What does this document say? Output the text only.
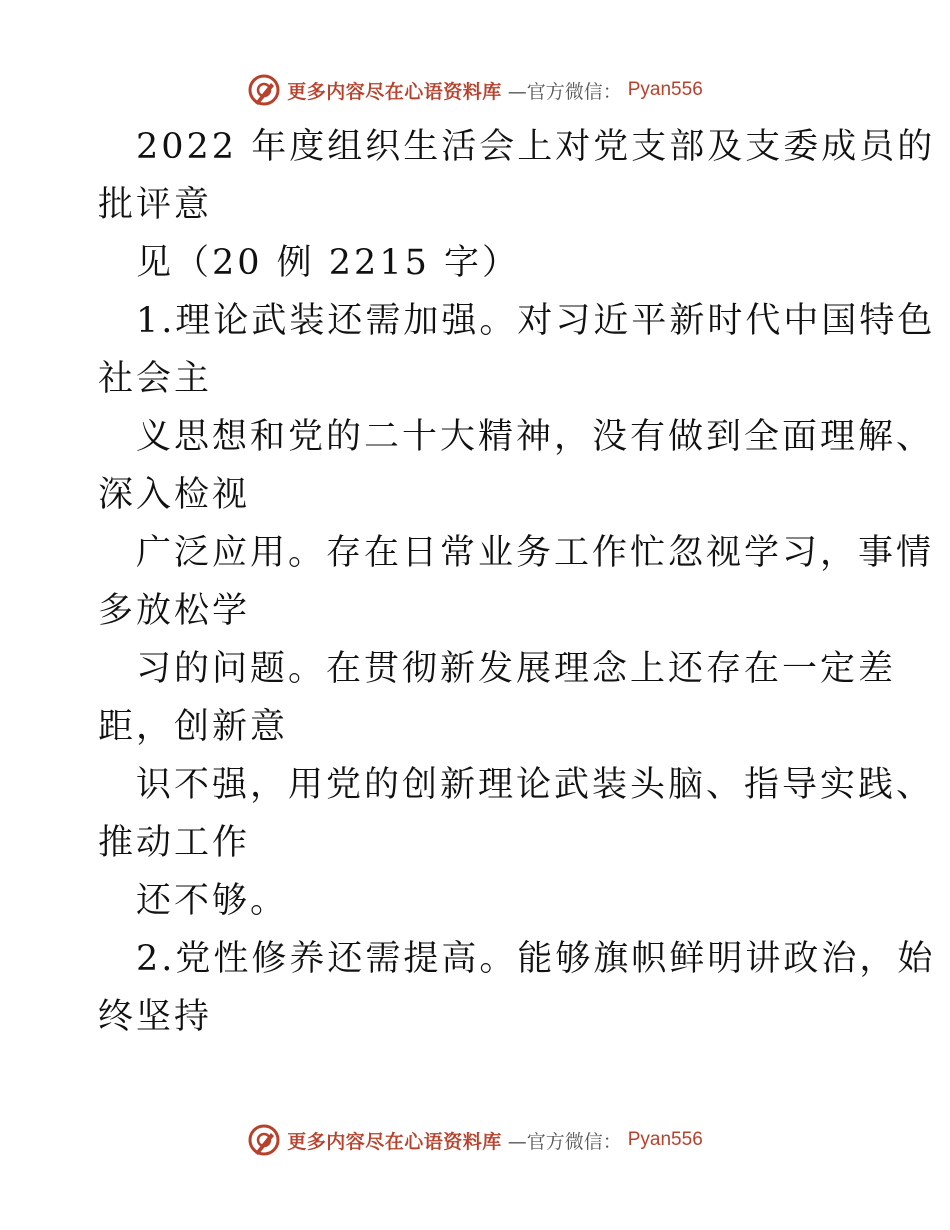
更多内容尽在心语资料库 —官方微信： Pyan556
2022 年度组织生活会上对党支部及支委成员的
批评意
见（20 例 2215 字）
1.理论武装还需加强。对习近平新时代中国特色
社会主
义思想和党的二十大精神，没有做到全面理解、
深入检视
广泛应用。存在日常业务工作忙忽视学习，事情
多放松学
习的问题。在贯彻新发展理念上还存在一定差
距，创新意
识不强，用党的创新理论武装头脑、指导实践、
推动工作
还不够。
2.党性修养还需提高。能够旗帜鲜明讲政治，始
终坚持
更多内容尽在心语资料库 —官方微信： Pyan556
